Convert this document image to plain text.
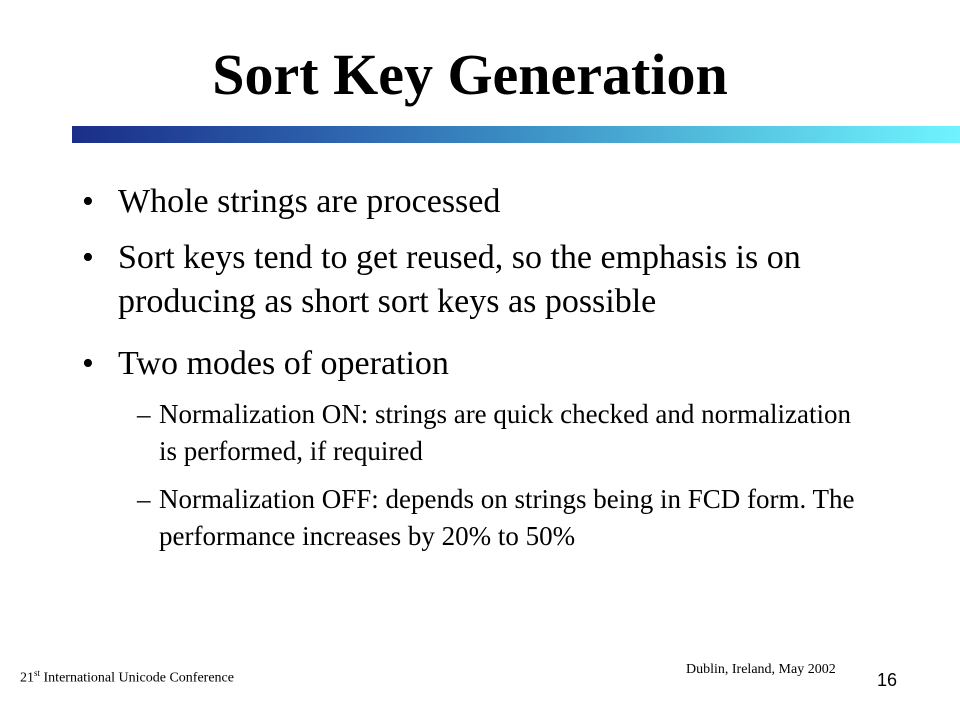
Sort Key Generation
• Whole strings are processed
• Sort keys tend to get reused, so the emphasis is on producing as short sort keys as possible
• Two modes of operation
– Normalization ON: strings are quick checked and normalization is performed, if required
– Normalization OFF: depends on strings being in FCD form. The performance increases by 20% to 50%
21st International Unicode Conference
Dublin, Ireland, May 2002
16
